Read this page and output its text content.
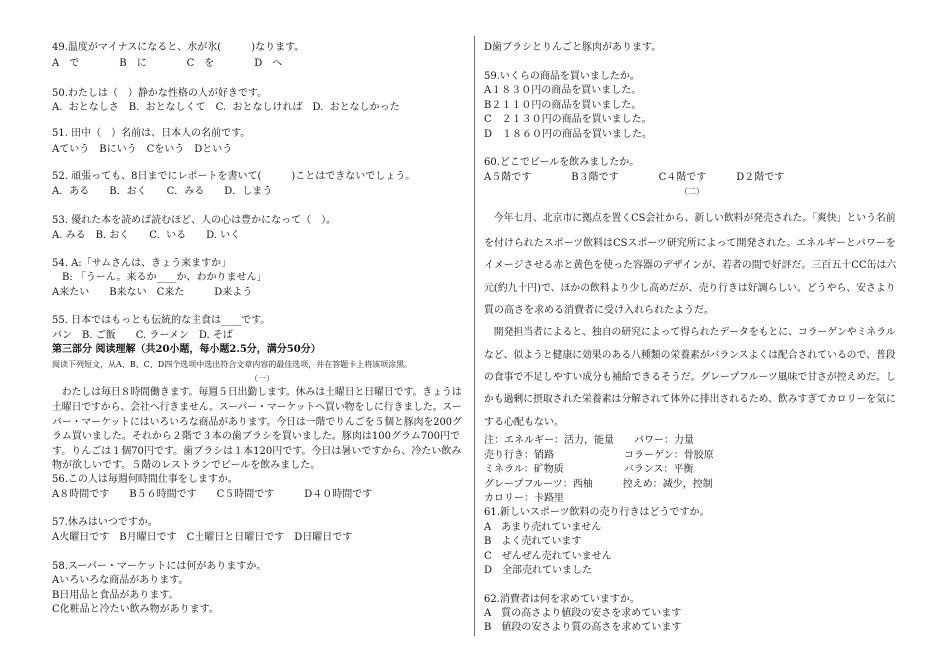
49.温度がマイナスになると、水が氷(　　　)なります。
A　で　　　　B　に　　　　C　を　　　　D　へ
50.わたしは（　）静かな性格の人が好きです。
A.  おとなしさ　B.  おとなしくて　C.  おとなしければ　D.  おとなしかった
51. 田中（　）名前は、日本人の名前です。
Aていう　Bにいう　Cをいう　Dという
52. 頑張っても、8日までにレポートを書いて(　　　)ことはできないでしょう。
A．ある　　B．おく　　C．みる　　D．しまう
53. 優れた本を読めば読むほど、人の心は豊かになって（　）。
A. みる　B. おく　　C.  いる　　D. いく
54. A:「サムさんは、きょう来ますか」
　B: 「うーん。来るか____か、わかりません」
A来たい　　B来ない　C来た　　　D来よう
55. 日本ではもっとも伝統的な主食は____です。
パン　B. ご飯　　C. ラーメン　D. そば
第三部分 阅读理解（共20小题，每小题2.5分，满分50分）
阅读下列短文，从A、B、C、D四个选项中选出符合文章内容的最佳选项，并在答题卡上将该项涂黑。
（一）
　わたしは毎日８時間働きます。毎週５日出勤します。休みは土曜日と日曜日です。きょうは
土曜日ですから、会社へ行きません。スーパー・マーケットへ買い物をしに行きました。スー
パー・マーケットにはいろいろな商品があります。今日は一階でりんごを５個と豚肉を200グ
ラム買いました。それから２階で３本の歯ブラシを買いました。豚肉は100グラム700円で
す。りんごは１個70円です。歯ブラシは１本120円です。今日は暑いですから、冷たい飲み
物が欲しいです。５階のレストランでビールを飲みました。
56.この人は毎週何時間仕事をしますか。
A８時間です　　B５６時間です　　C５時間です　　　D４０時間です
57.休みはいつですか。
A火曜日です　B月曜日です　C土曜日と日曜日です　D日曜日です
58.スーパー・マーケットには何がありますか。
Aいろいろな商品があります。
B日用品と食品があります。
C化粧品と冷たい飲み物があります。
D歯ブラシとりんごと豚肉があります。
59.いくらの商品を買いましたか。
A１８３０円の商品を買いました。
B２１１０円の商品を買いました。
C　２１３０円の商品を買いました。
D　１８６０円の商品を買いました。
60.どこでビールを飲みましたか。
A５階です　　　　B３階です　　　　C４階です　　　D２階です
（二）
　今年七月、北京市に拠点を置くCS会社から、新しい飲料が発売された。「爽快」という名前
を付けられたスポーツ飲料はCSスポーツ研究所によって開発された。エネルギーとパワーを
イメージさせる赤と黄色を使った容器のデザインが、若者の間で好評だ。三百五十CC缶は六
元(約九十円)で、ほかの飲料より少し高めだが、売り行きは好調らしい。どうやら、安さより
質の高さを求める消費者に受け入れられたようだ。
　開発担当者によると、独自の研究によって得られたデータをもとに、コラーゲンやミネラル
など、似ようと健康に効果のある八種類の栄養素がバランスよくは配合されているので、普段
の食事で不足しやすい成分も補給できるそうだ。グレープフルーツ風味で甘さが控えめだ。し
かも過剰に摂取された栄養素は分解されて体外に排出されるため、飲みすぎてカロリーを気に
する心配もない。
注：エネルギー：活力，能量　　パワー：力量
売り行き：销路　　　　　　　コラーゲン：骨胶原
ミネラル：矿物质　　　　　　バランス：平衡
グレープフルーツ：西柚　　　控えめ：减少，控制
カロリー：卡路里
61.新しいスポーツ飲料の売り行きはどうですか。
A　あまり売れていません
B　よく売れています
C　ぜんぜん売れていません
D　全部売れていました
62.消費者は何を求めていますか。
A　質の高さより値段の安さを求めています
B　値段の安さより質の高さを求めています
